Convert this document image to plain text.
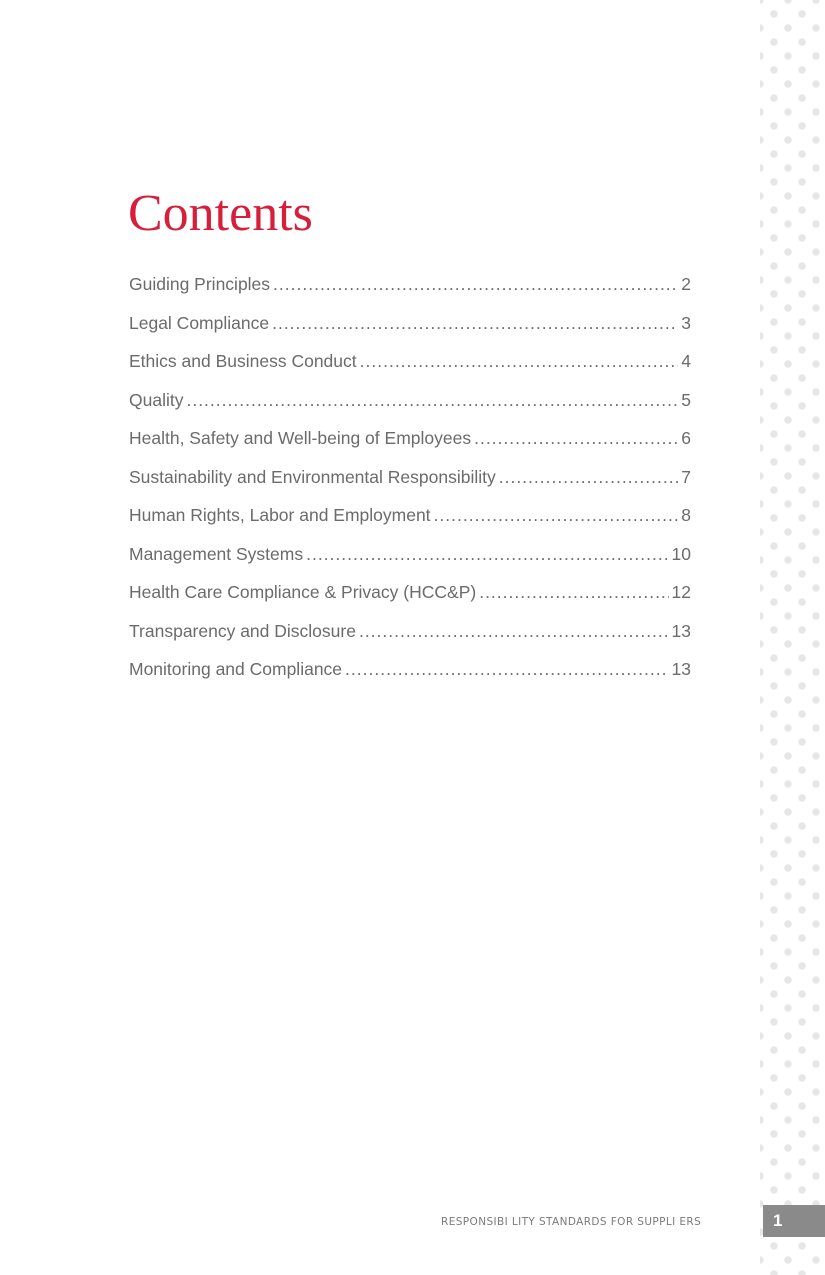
Contents
Guiding Principles .....	2
Legal Compliance .....	3
Ethics and Business Conduct .....	4
Quality .....	5
Health, Safety and Well-being of Employees .....	6
Sustainability and Environmental Responsibility .....	7
Human Rights, Labor and Employment .....	8
Management Systems .....	10
Health Care Compliance & Privacy (HCC&P) .....	12
Transparency and Disclosure .....	13
Monitoring and Compliance .....	13
RESPONSIBI LITY STANDARDS FOR SUPPLI ERS	1
